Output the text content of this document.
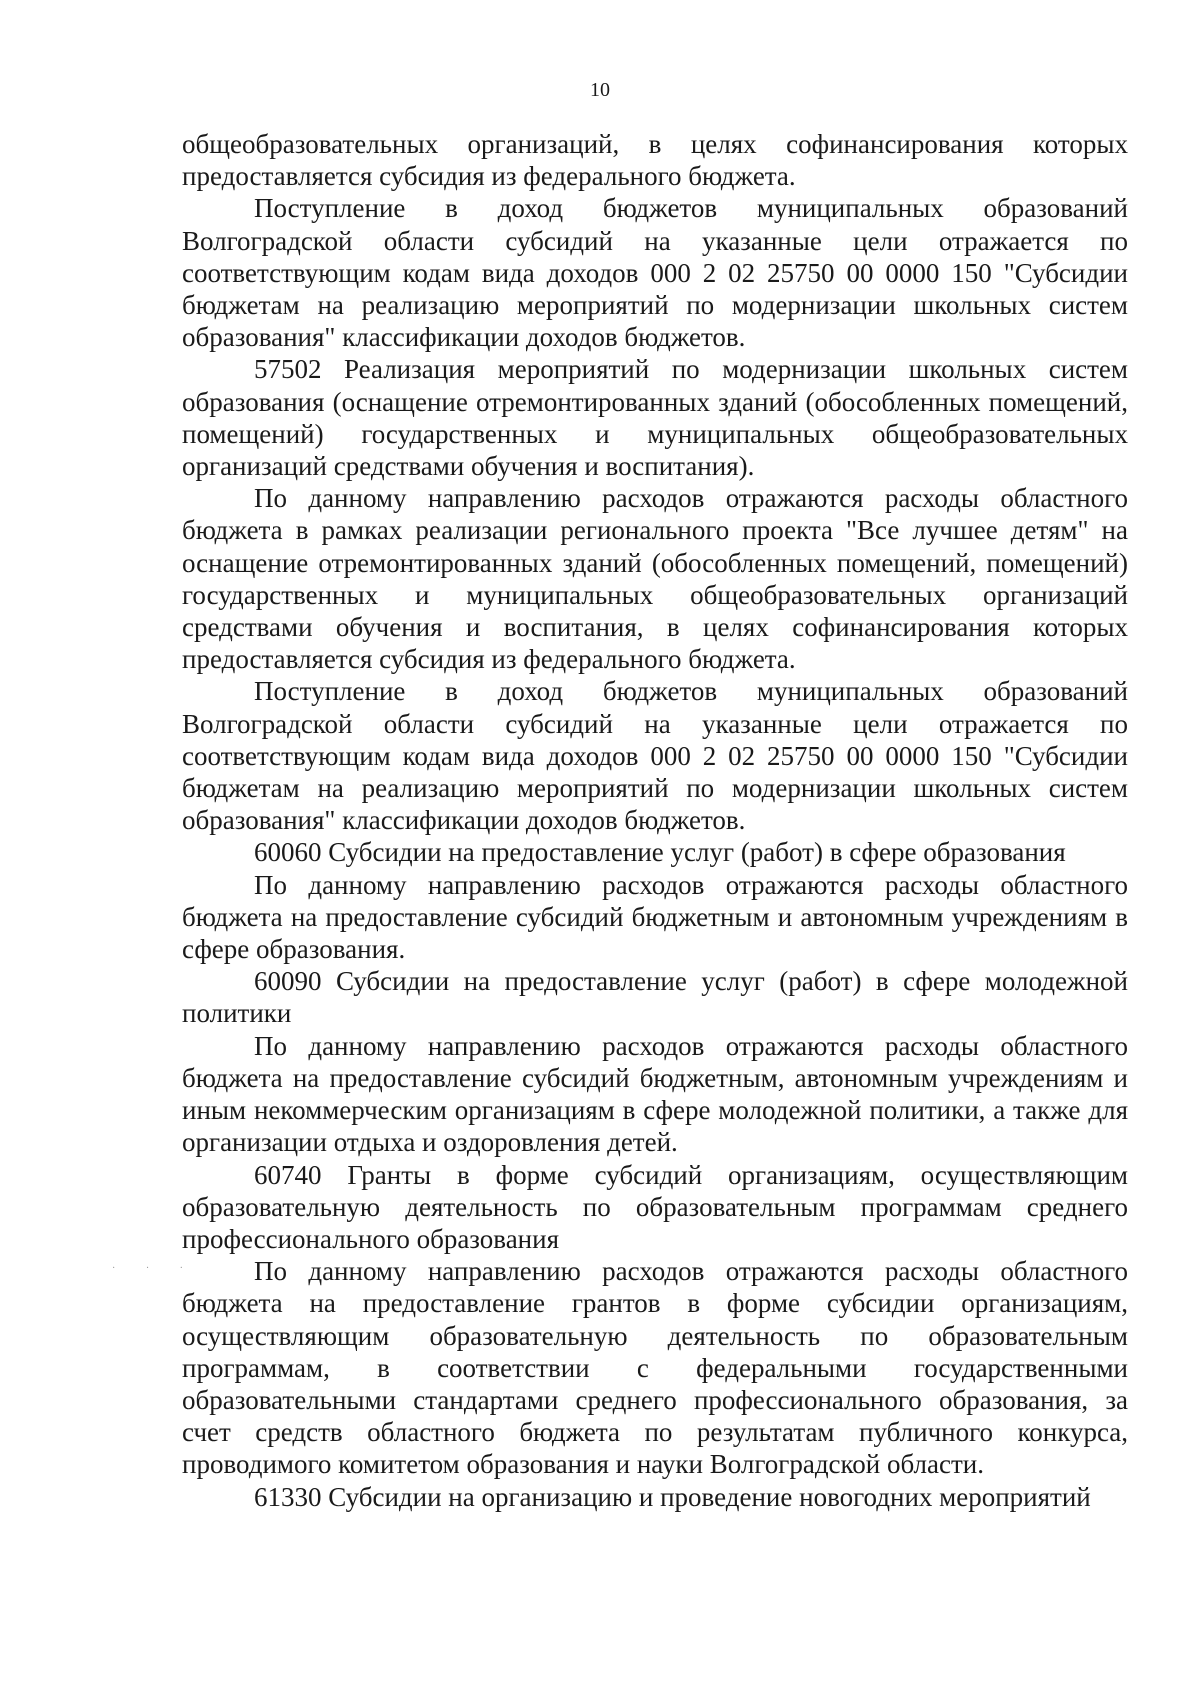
10

общеобразовательных организаций, в целях софинансирования которых предоставляется субсидия из федерального бюджета.

Поступление в доход бюджетов муниципальных образований Волгоградской области субсидий на указанные цели отражается по соответствующим кодам вида доходов 000 2 02 25750 00 0000 150 "Субсидии бюджетам на реализацию мероприятий по модернизации школьных систем образования" классификации доходов бюджетов.

57502 Реализация мероприятий по модернизации школьных систем образования (оснащение отремонтированных зданий (обособленных помещений, помещений) государственных и муниципальных общеобразовательных организаций средствами обучения и воспитания).

По данному направлению расходов отражаются расходы областного бюджета в рамках реализации регионального проекта "Все лучшее детям" на оснащение отремонтированных зданий (обособленных помещений, помещений) государственных и муниципальных общеобразовательных организаций средствами обучения и воспитания, в целях софинансирования которых предоставляется субсидия из федерального бюджета.

Поступление в доход бюджетов муниципальных образований Волгоградской области субсидий на указанные цели отражается по соответствующим кодам вида доходов 000 2 02 25750 00 0000 150 "Субсидии бюджетам на реализацию мероприятий по модернизации школьных систем образования" классификации доходов бюджетов.

60060 Субсидии на предоставление услуг (работ) в сфере образования

По данному направлению расходов отражаются расходы областного бюджета на предоставление субсидий бюджетным и автономным учреждениям в сфере образования.

60090 Субсидии на предоставление услуг (работ) в сфере молодежной политики

По данному направлению расходов отражаются расходы областного бюджета на предоставление субсидий бюджетным, автономным учреждениям и иным некоммерческим организациям в сфере молодежной политики, а также для организации отдыха и оздоровления детей.

60740 Гранты в форме субсидий организациям, осуществляющим образовательную деятельность по образовательным программам среднего профессионального образования

По данному направлению расходов отражаются расходы областного бюджета на предоставление грантов в форме субсидии организациям, осуществляющим образовательную деятельность по образовательным программам, в соответствии с федеральными государственными образовательными стандартами среднего профессионального образования, за счет средств областного бюджета по результатам публичного конкурса, проводимого комитетом образования и науки Волгоградской области.

61330 Субсидии на организацию и проведение новогодних мероприятий

· · ·
